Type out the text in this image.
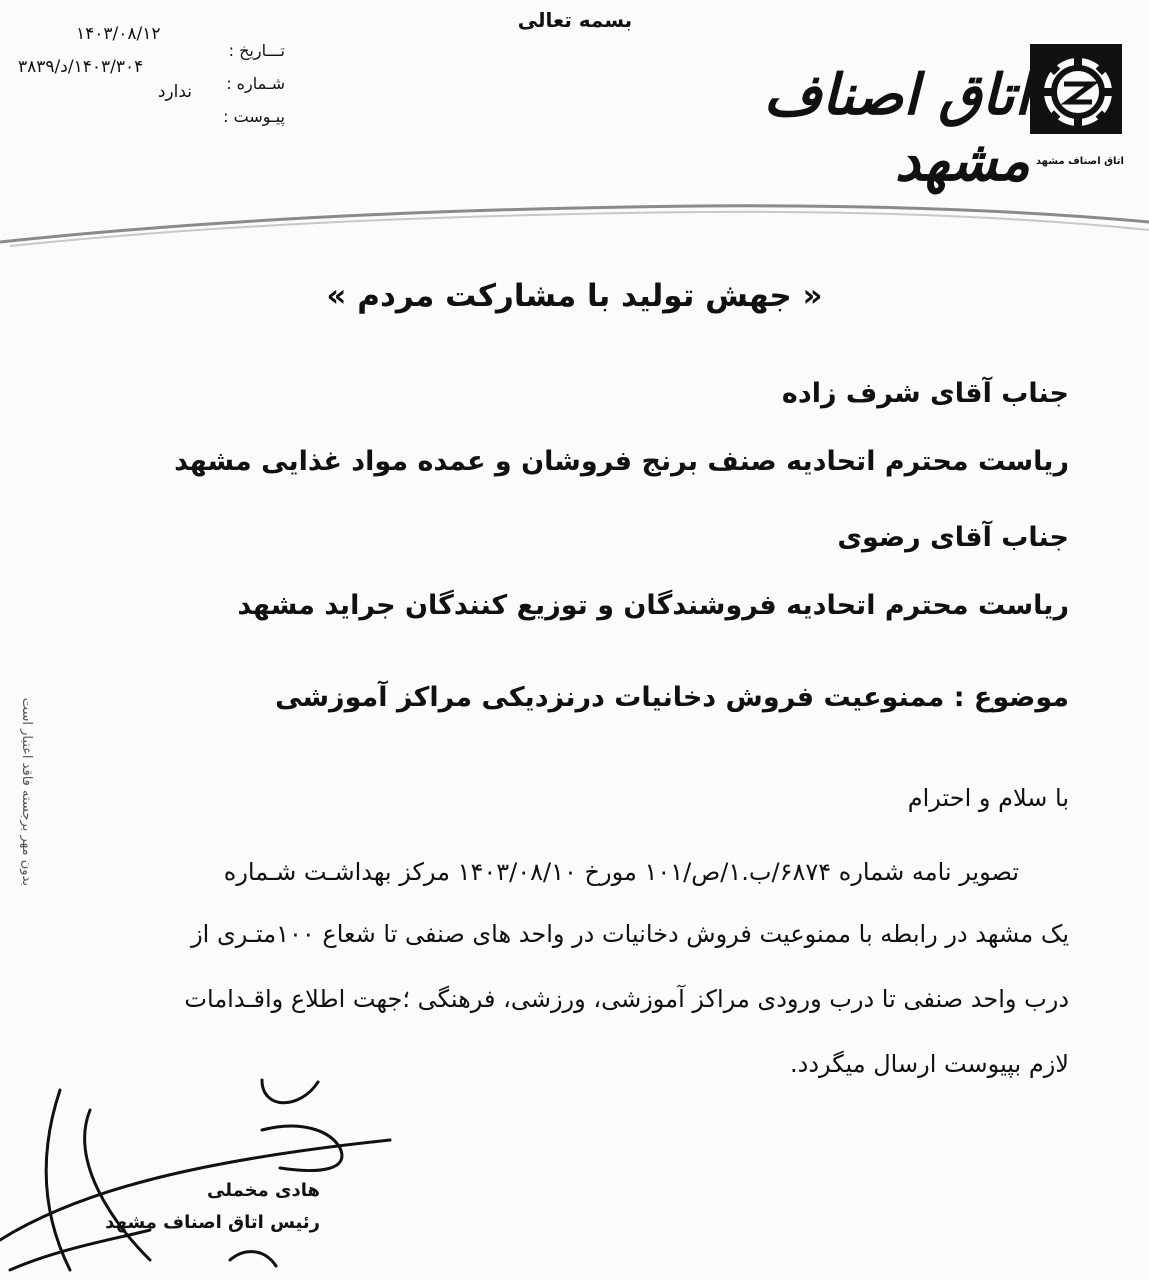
بسمه تعالی
۱۴۰۳/۰۸/۱۲
۱۴۰۳/۳۰۴/د/۳۸۳۹
ندارد
تـــاریخ :
شـماره :
پیـوست :
اتاق اصناف مشهد
اتاق اصناف مشهد
« جهش تولید با مشارکت مردم »
جناب آقای شرف زاده
ریاست محترم اتحادیه صنف برنج فروشان و عمده مواد غذایی مشهد
جناب آقای رضوی
ریاست محترم اتحادیه فروشندگان و توزیع کنندگان جراید مشهد
موضوع : ممنوعیت فروش دخانیات درنزدیکی مراکز آموزشی
با سلام و احترام
تصویر نامه شماره ۶۸۷۴/ب.۱/ص/۱۰۱ مورخ ۱۴۰۳/۰۸/۱۰ مرکز بهداشـت شـماره
یک مشهد در رابطه با ممنوعیت فروش دخانیات در واحد های صنفی تا شعاع ۱۰۰متـری از
درب واحد صنفی تا درب ورودی مراکز آموزشی، ورزشی، فرهنگی ؛جهت اطلاع واقـدامات
لازم بپیوست ارسال میگردد.
هادی مخملی
رئیس اتاق اصناف مشهد
بدون مهر برجسته فاقد اعتبار است
